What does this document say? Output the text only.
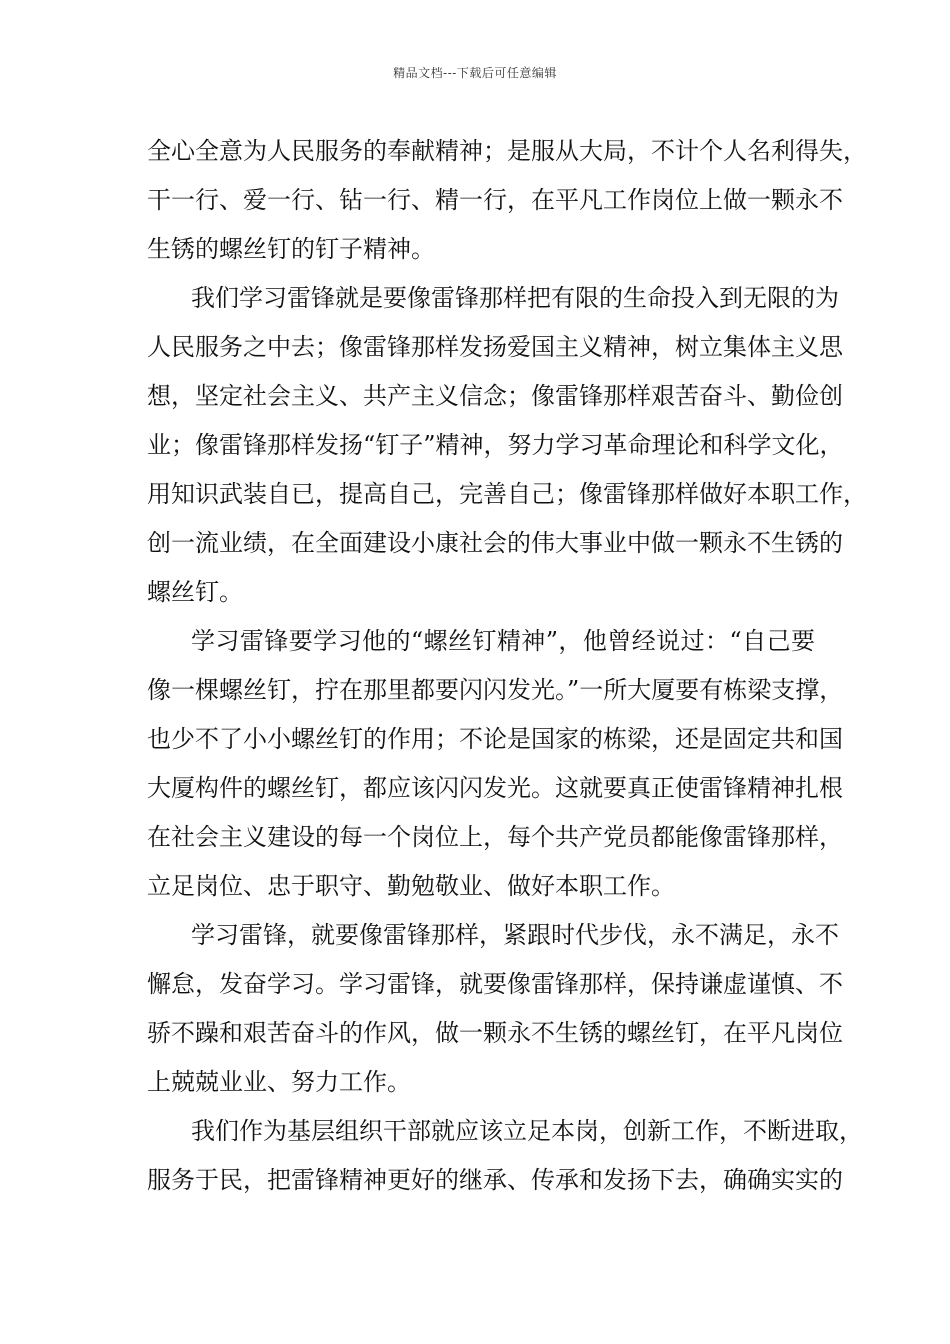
精品文档---下载后可任意编辑
全心全意为人民服务的奉献精神；是服从大局，不计个人名利得失，
干一行、爱一行、钻一行、精一行，在平凡工作岗位上做一颗永不
生锈的螺丝钉的钉子精神。
我们学习雷锋就是要像雷锋那样把有限的生命投入到无限的为
人民服务之中去；像雷锋那样发扬爱国主义精神，树立集体主义思
想，坚定社会主义、共产主义信念；像雷锋那样艰苦奋斗、勤俭创
业；像雷锋那样发扬“钉子”精神，努力学习革命理论和科学文化，
用知识武装自已，提高自己，完善自己；像雷锋那样做好本职工作，
创一流业绩，在全面建设小康社会的伟大事业中做一颗永不生锈的
螺丝钉。
学习雷锋要学习他的“螺丝钉精神”，他曾经说过：“自己要
像一棵螺丝钉，拧在那里都要闪闪发光。”一所大厦要有栋梁支撑，
也少不了小小螺丝钉的作用；不论是国家的栋梁，还是固定共和国
大厦构件的螺丝钉，都应该闪闪发光。这就要真正使雷锋精神扎根
在社会主义建设的每一个岗位上，每个共产党员都能像雷锋那样，
立足岗位、忠于职守、勤勉敬业、做好本职工作。
学习雷锋，就要像雷锋那样，紧跟时代步伐，永不满足，永不
懈怠，发奋学习。学习雷锋，就要像雷锋那样，保持谦虚谨慎、不
骄不躁和艰苦奋斗的作风，做一颗永不生锈的螺丝钉，在平凡岗位
上兢兢业业、努力工作。
我们作为基层组织干部就应该立足本岗，创新工作，不断进取，
服务于民，把雷锋精神更好的继承、传承和发扬下去，确确实实的
